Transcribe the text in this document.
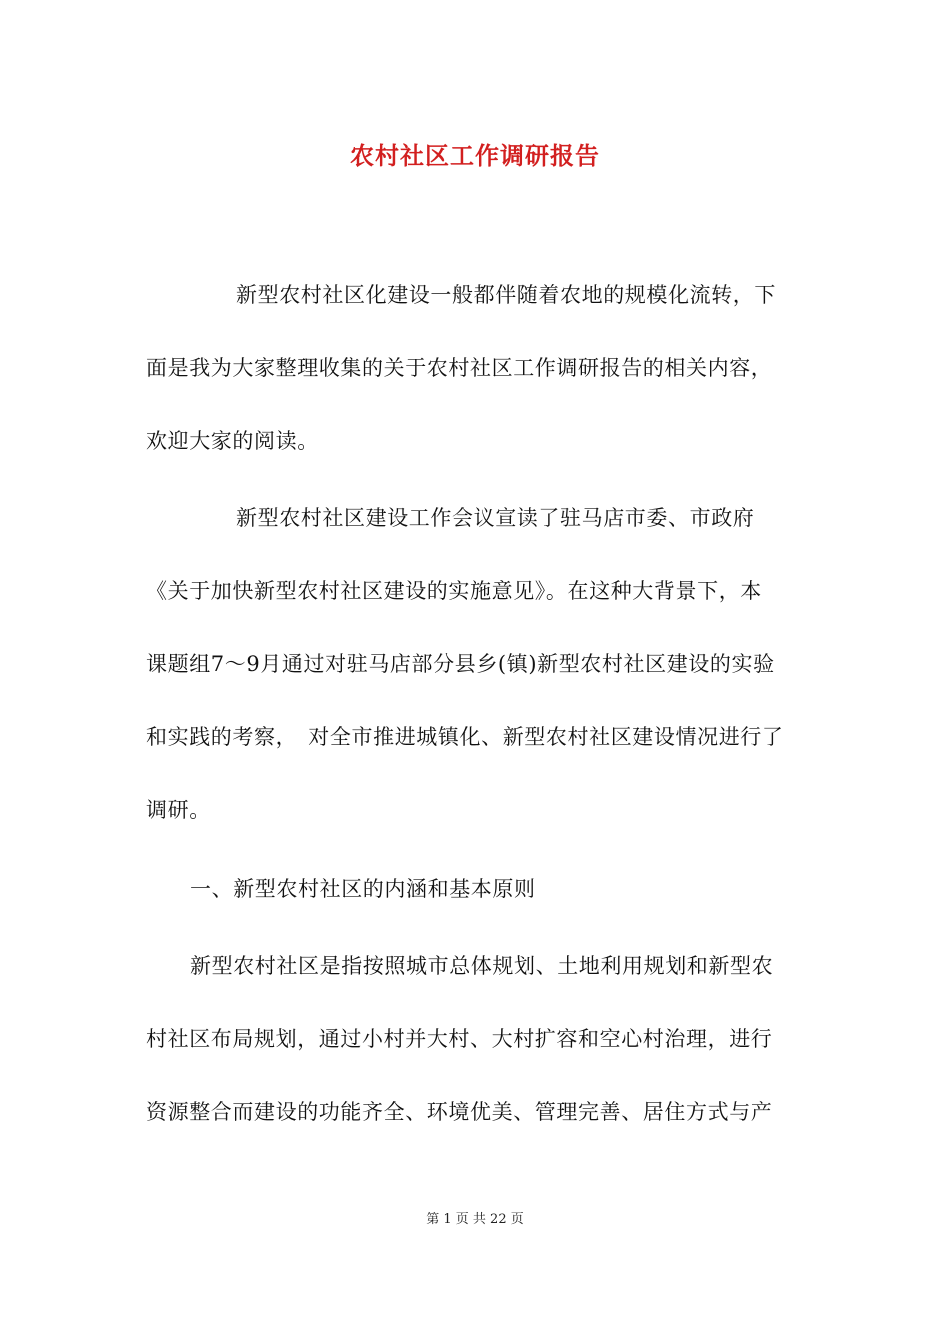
农村社区工作调研报告
新型农村社区化建设一般都伴随着农地的规模化流转，下
面是我为大家整理收集的关于农村社区工作调研报告的相关内容，
欢迎大家的阅读。
新型农村社区建设工作会议宣读了驻马店市委、市政府
《关于加快新型农村社区建设的实施意见》。在这种大背景下，本
课题组7～9月通过对驻马店部分县乡(镇)新型农村社区建设的实验
和实践的考察，　对全市推进城镇化、新型农村社区建设情况进行了
调研。
一、新型农村社区的内涵和基本原则
新型农村社区是指按照城市总体规划、土地利用规划和新型农
村社区布局规划，通过小村并大村、大村扩容和空心村治理，进行
资源整合而建设的功能齐全、环境优美、管理完善、居住方式与产
第 1 页 共 22 页
